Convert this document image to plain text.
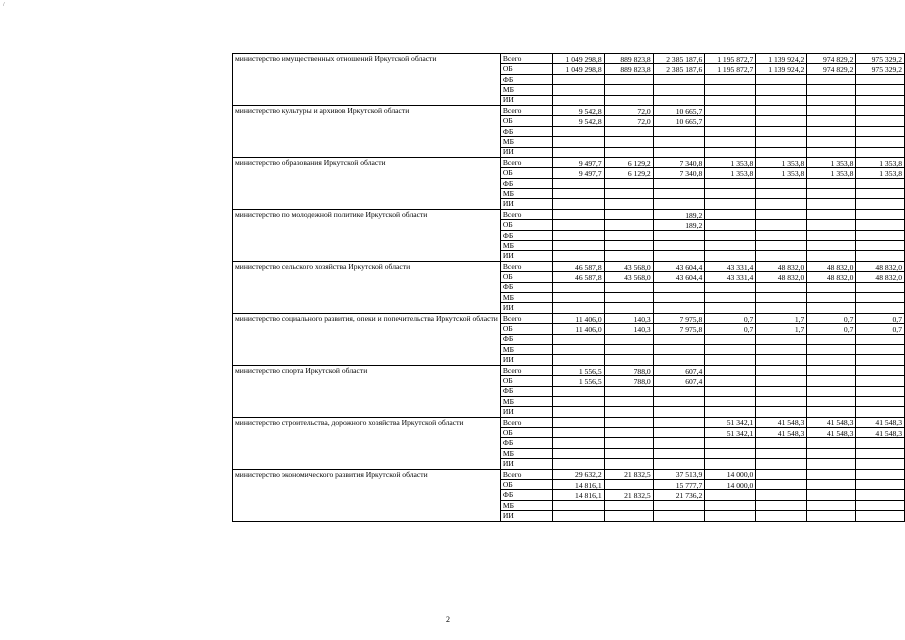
/
министерство имущественных отношений Иркутской области	Всего	1 049 298,8	889 823,8	2 385 187,6	1 195 872,7	1 139 924,2	974 829,2	975 329,2
	ОБ	1 049 298,8	889 823,8	2 385 187,6	1 195 872,7	1 139 924,2	974 829,2	975 329,2
	ФБ							
	МБ							
	ИИ							
министерство культуры и архивов Иркутской области	Всего	9 542,8	72,0	10 665,7				
	ОБ	9 542,8	72,0	10 665,7				
	ФБ							
	МБ							
	ИИ							
министерство образования Иркутской области	Всего	9 497,7	6 129,2	7 340,8	1 353,8	1 353,8	1 353,8	1 353,8
	ОБ	9 497,7	6 129,2	7 340,8	1 353,8	1 353,8	1 353,8	1 353,8
	ФБ							
	МБ							
	ИИ							
министерство по молодежной политике Иркутской области	Всего			189,2				
	ОБ			189,2				
	ФБ							
	МБ							
	ИИ							
министерство сельского хозяйства Иркутской области	Всего	46 587,8	43 568,0	43 604,4	43 331,4	48 832,0	48 832,0	48 832,0
	ОБ	46 587,8	43 568,0	43 604,4	43 331,4	48 832,0	48 832,0	48 832,0
	ФБ							
	МБ							
	ИИ							
министерство социального развития, опеки и попечительства Иркутской области	Всего	11 406,0	140,3	7 975,8	0,7	1,7	0,7	0,7
	ОБ	11 406,0	140,3	7 975,8	0,7	1,7	0,7	0,7
	ФБ							
	МБ							
	ИИ							
министерство спорта Иркутской области	Всего	1 556,5	788,0	607,4				
	ОБ	1 556,5	788,0	607,4				
	ФБ							
	МБ							
	ИИ							
министерство строительства, дорожного хозяйства Иркутской области	Всего				51 342,1	41 548,3	41 548,3	41 548,3
	ОБ				51 342,1	41 548,3	41 548,3	41 548,3
	ФБ							
	МБ							
	ИИ							
министерство экономического развития Иркутской области	Всего	29 632,2	21 832,5	37 513,9	14 000,0			
	ОБ	14 816,1		15 777,7	14 000,0			
	ФБ	14 816,1	21 832,5	21 736,2				
	МБ							
	ИИ							
2
